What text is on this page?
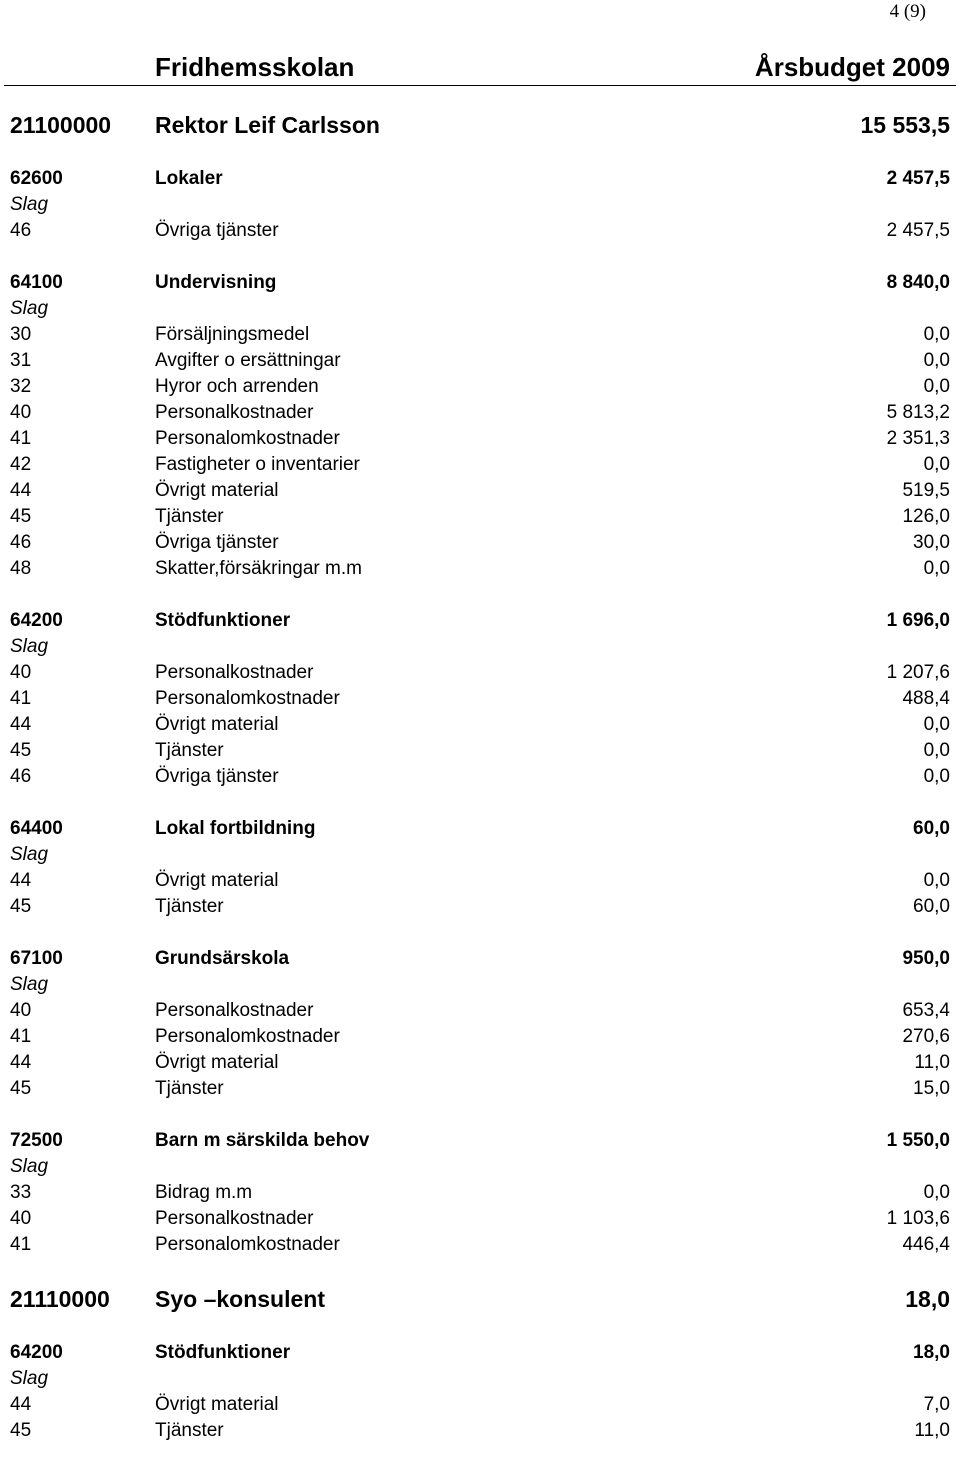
4 (9)
Fridhemsskolan	Årsbudget 2009
21100000 Rektor Leif Carlsson	15 553,5
62600	Lokaler	2 457,5
Slag
46	Övriga tjänster	2 457,5
64100	Undervisning	8 840,0
Slag
30	Försäljningsmedel	0,0
31	Avgifter o ersättningar	0,0
32	Hyror och arrenden	0,0
40	Personalkostnader	5 813,2
41	Personalomkostnader	2 351,3
42	Fastigheter o inventarier	0,0
44	Övrigt material	519,5
45	Tjänster	126,0
46	Övriga tjänster	30,0
48	Skatter,försäkringar m.m	0,0
64200	Stödfunktioner	1 696,0
Slag
40	Personalkostnader	1 207,6
41	Personalomkostnader	488,4
44	Övrigt material	0,0
45	Tjänster	0,0
46	Övriga tjänster	0,0
64400	Lokal fortbildning	60,0
Slag
44	Övrigt material	0,0
45	Tjänster	60,0
67100	Grundsärskola	950,0
Slag
40	Personalkostnader	653,4
41	Personalomkostnader	270,6
44	Övrigt material	11,0
45	Tjänster	15,0
72500	Barn m särskilda behov	1 550,0
Slag
33	Bidrag m.m	0,0
40	Personalkostnader	1 103,6
41	Personalomkostnader	446,4
21110000 Syo –konsulent	18,0
64200	Stödfunktioner	18,0
Slag
44	Övrigt material	7,0
45	Tjänster	11,0
